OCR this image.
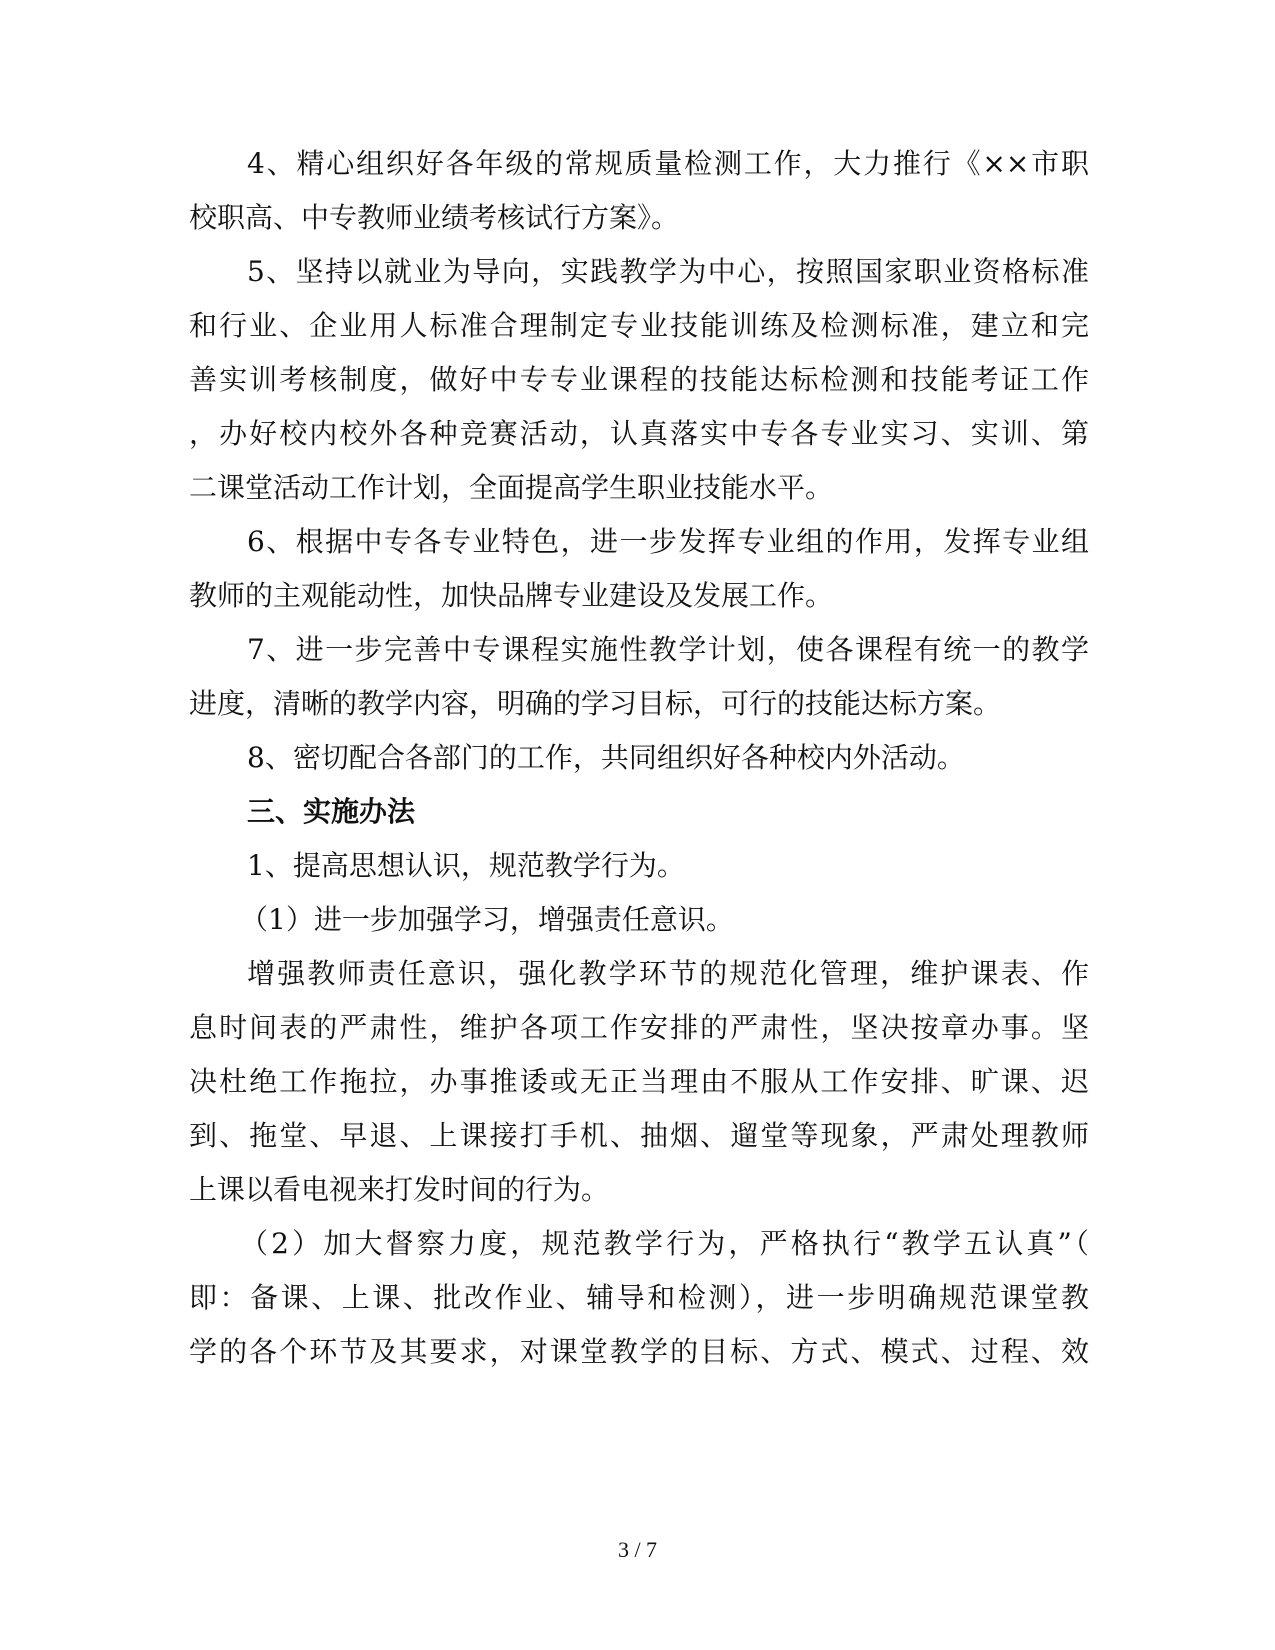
4、精心组织好各年级的常规质量检测工作，大力推行《××市职
校职高、中专教师业绩考核试行方案》。
5、坚持以就业为导向，实践教学为中心，按照国家职业资格标准
和行业、企业用人标准合理制定专业技能训练及检测标准，建立和完
善实训考核制度，做好中专专业课程的技能达标检测和技能考证工作
，办好校内校外各种竞赛活动，认真落实中专各专业实习、实训、第
二课堂活动工作计划，全面提高学生职业技能水平。
6、根据中专各专业特色，进一步发挥专业组的作用，发挥专业组
教师的主观能动性，加快品牌专业建设及发展工作。
7、进一步完善中专课程实施性教学计划，使各课程有统一的教学
进度，清晰的教学内容，明确的学习目标，可行的技能达标方案。
8、密切配合各部门的工作，共同组织好各种校内外活动。
三、实施办法
1、提高思想认识，规范教学行为。
（1）进一步加强学习，增强责任意识。
增强教师责任意识，强化教学环节的规范化管理，维护课表、作
息时间表的严肃性，维护各项工作安排的严肃性，坚决按章办事。坚
决杜绝工作拖拉，办事推诿或无正当理由不服从工作安排、旷课、迟
到、拖堂、早退、上课接打手机、抽烟、遛堂等现象，严肃处理教师
上课以看电视来打发时间的行为。
（2）加大督察力度，规范教学行为，严格执行“教学五认真”（
即：备课、上课、批改作业、辅导和检测），进一步明确规范课堂教
学的各个环节及其要求，对课堂教学的目标、方式、模式、过程、效
3 / 7
